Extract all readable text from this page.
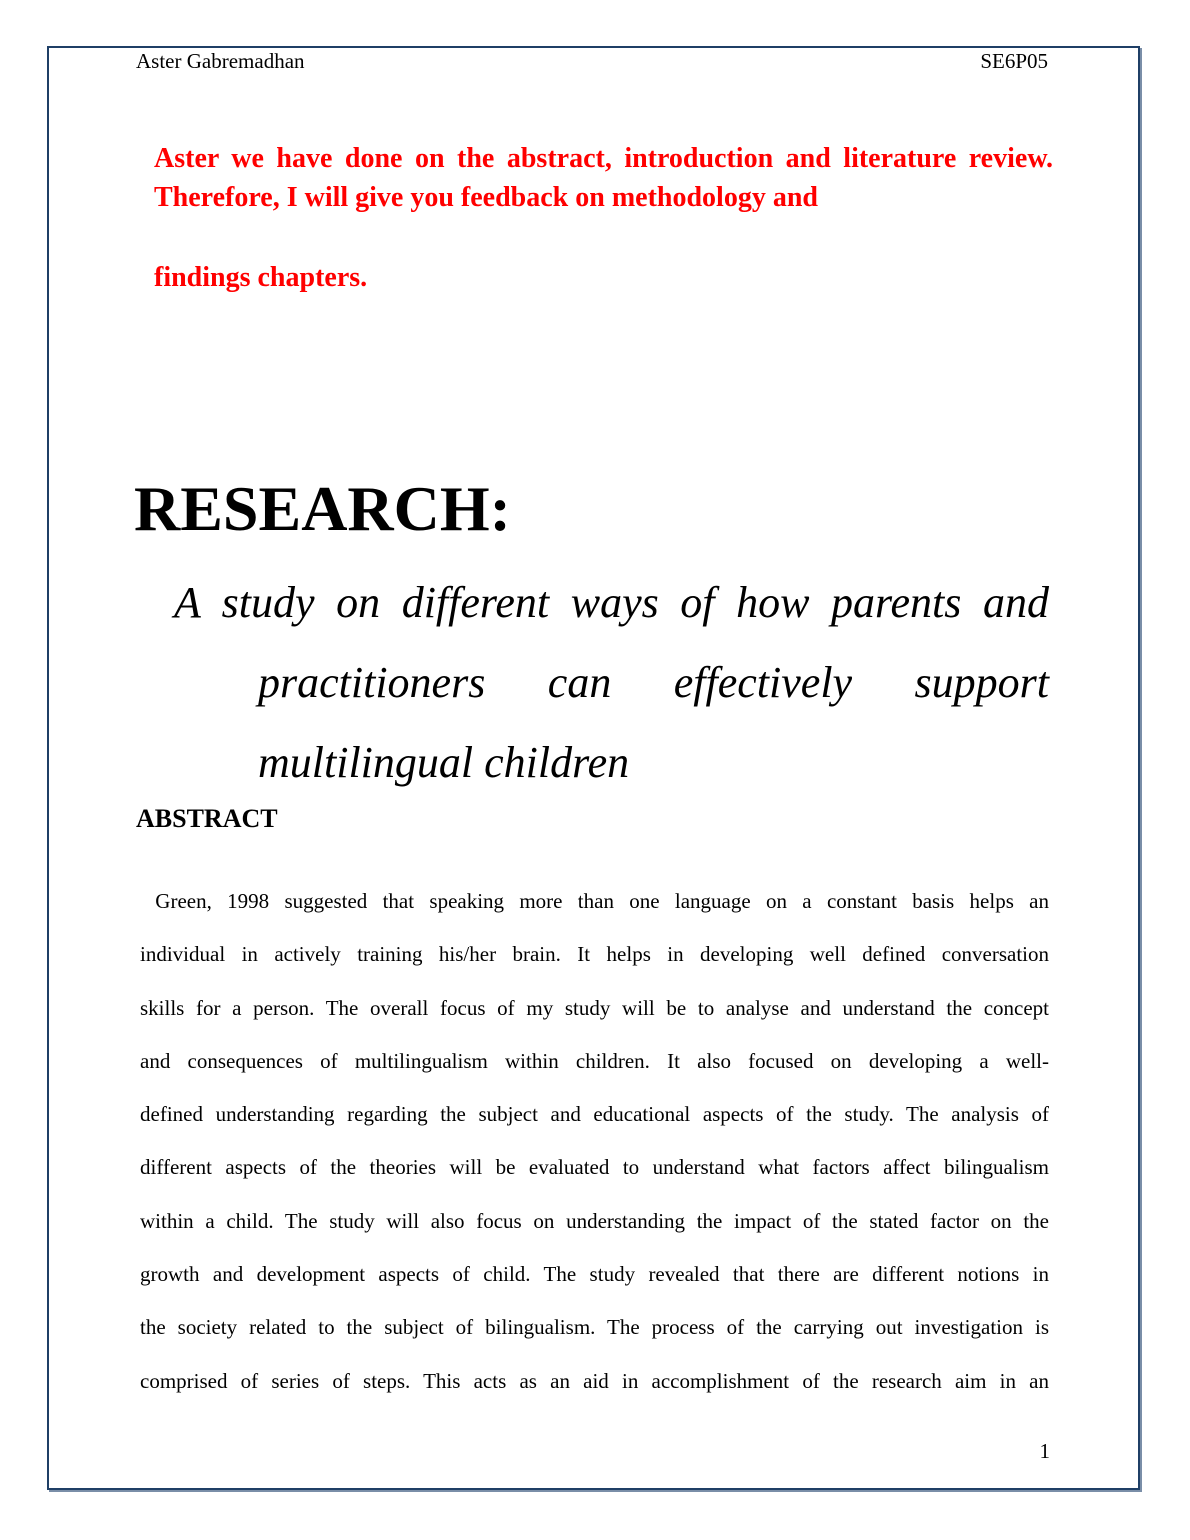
Aster Gabremadhan	SE6P05

Aster we have done on the abstract, introduction and literature review. Therefore, I will give you feedback on methodology and
findings chapters.

RESEARCH:

A study on different ways of how parents and
practitioners can effectively support
multilingual children

ABSTRACT
Green, 1998 suggested that speaking more than one language on a constant basis helps an
individual in actively training his/her brain. It helps in developing well defined conversation
skills for a person. The overall focus of my study will be to analyse and understand the concept
and consequences of multilingualism within children. It also focused on developing a well-
defined understanding regarding the subject and educational aspects of the study. The analysis of
different aspects of the theories will be evaluated to understand what factors affect bilingualism
within a child. The study will also focus on understanding the impact of the stated factor on the
growth and development aspects of child. The study revealed that there are different notions in
the society related to the subject of bilingualism. The process of the carrying out investigation is
comprised of series of steps. This acts as an aid in accomplishment of the research aim in an
1
